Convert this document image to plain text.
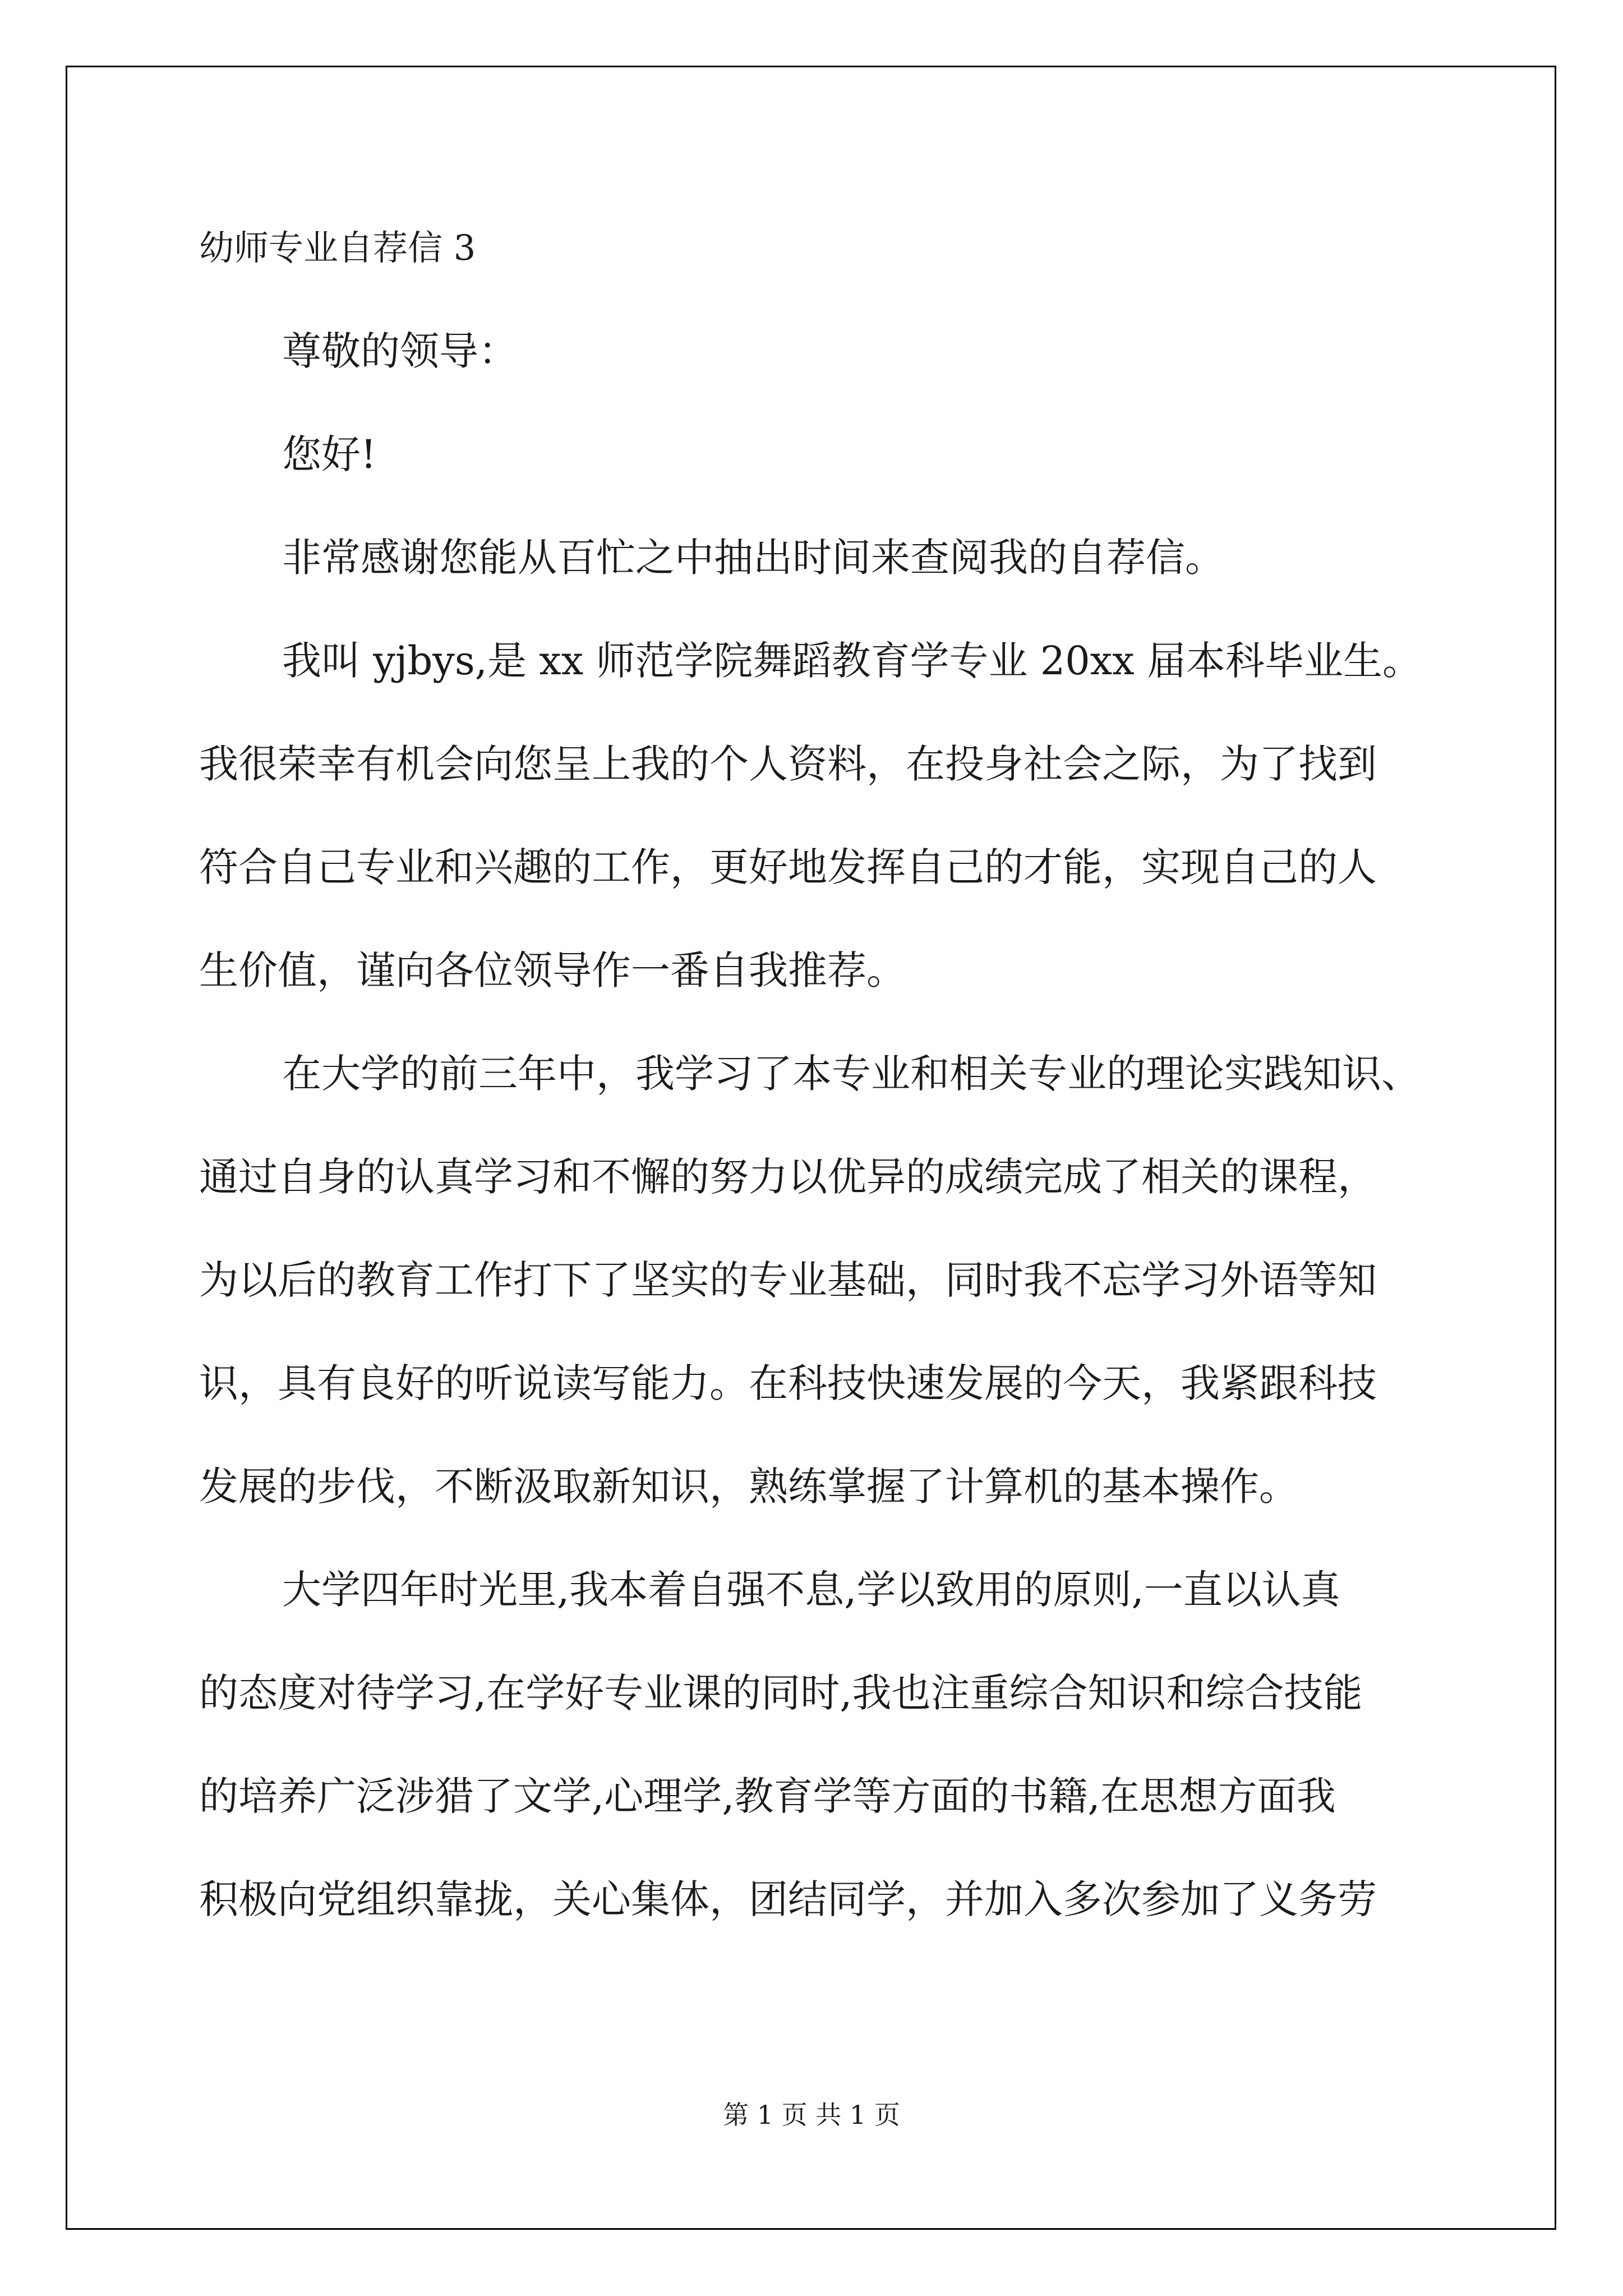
幼师专业自荐信 3

尊敬的领导：

您好!

非常感谢您能从百忙之中抽出时间来查阅我的自荐信。

我叫 yjbys,是 xx 师范学院舞蹈教育学专业 20xx 届本科毕业生。

我很荣幸有机会向您呈上我的个人资料，在投身社会之际，为了找到

符合自己专业和兴趣的工作，更好地发挥自己的才能，实现自己的人

生价值，谨向各位领导作一番自我推荐。

在大学的前三年中，我学习了本专业和相关专业的理论实践知识、

通过自身的认真学习和不懈的努力以优异的成绩完成了相关的课程，

为以后的教育工作打下了坚实的专业基础，同时我不忘学习外语等知

识，具有良好的听说读写能力。在科技快速发展的今天，我紧跟科技

发展的步伐，不断汲取新知识，熟练掌握了计算机的基本操作。

大学四年时光里,我本着自强不息,学以致用的原则,一直以认真

的态度对待学习,在学好专业课的同时,我也注重综合知识和综合技能

的培养广泛涉猎了文学,心理学,教育学等方面的书籍,在思想方面我

积极向党组织靠拢，关心集体，团结同学，并加入多次参加了义务劳

第 1 页 共 1 页
